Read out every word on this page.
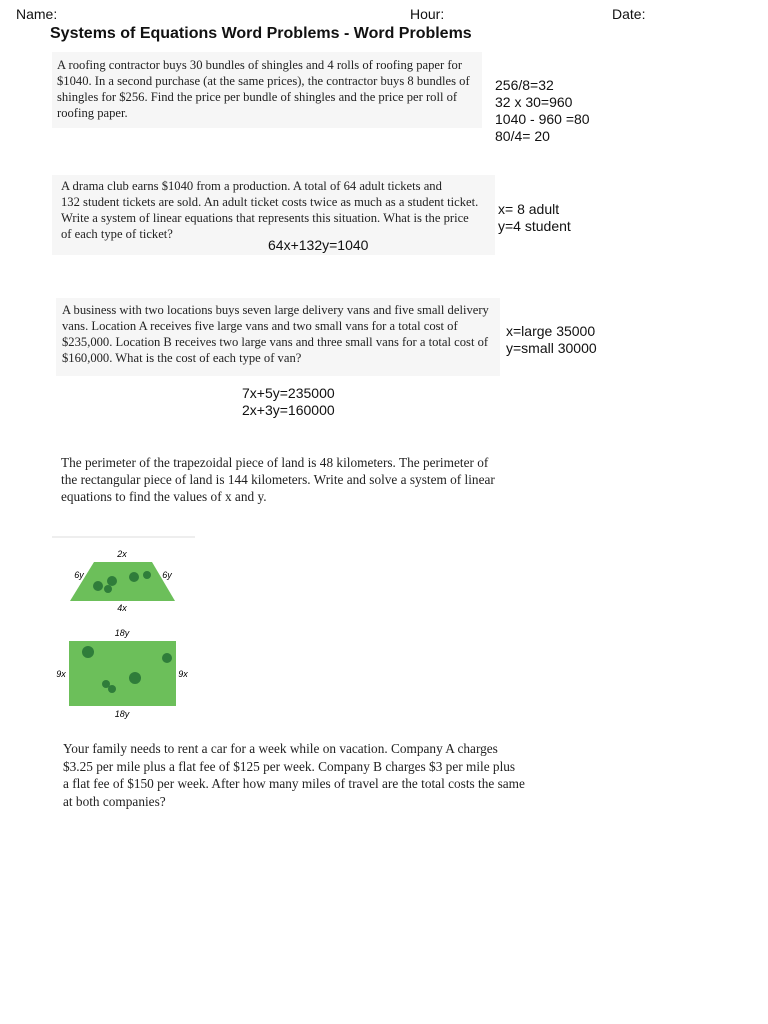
Name:	Hour:	Date:
Systems of Equations Word Problems - Word Problems
A roofing contractor buys 30 bundles of shingles and 4 rolls of roofing paper for
$1040. In a second purchase (at the same prices), the contractor buys 8 bundles of
shingles for $256. Find the price per bundle of shingles and the price per roll of
roofing paper.
256/8=32
32 x 30=960
1040 - 960 =80
80/4= 20
A drama club earns $1040 from a production. A total of 64 adult tickets and
132 student tickets are sold. An adult ticket costs twice as much as a student ticket.
Write a system of linear equations that represents this situation. What is the price
of each type of ticket?
x= 8 adult
y=4 student
64x+132y=1040
A business with two locations buys seven large delivery vans and five small delivery
vans. Location A receives five large vans and two small vans for a total cost of
$235,000. Location B receives two large vans and three small vans for a total cost of
$160,000. What is the cost of each type of van?
x=large 35000
y=small 30000
7x+5y=235000
2x+3y=160000
The perimeter of the trapezoidal piece of land is 48 kilometers. The perimeter of
the rectangular piece of land is 144 kilometers. Write and solve a system of linear
equations to find the values of x and y.
2x
6y	6y
4x
18y
9x	9x
18y
Your family needs to rent a car for a week while on vacation. Company A charges
$3.25 per mile plus a flat fee of $125 per week. Company B charges $3 per mile plus
a flat fee of $150 per week. After how many miles of travel are the total costs the same
at both companies?
